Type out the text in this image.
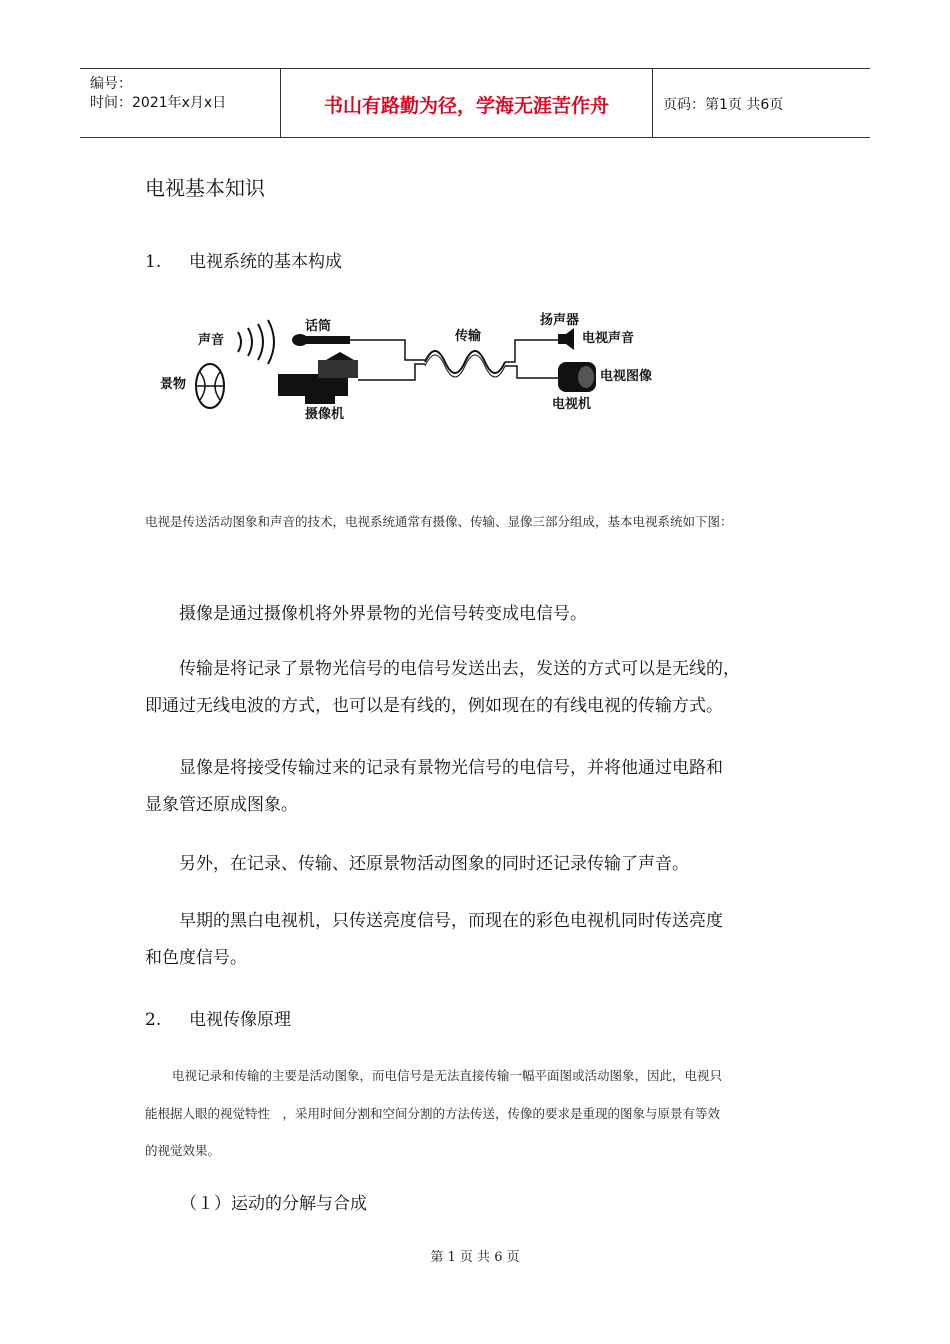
编号：
时间：2021年x月x日	书山有路勤为径，学海无涯苦作舟	页码：第1页 共6页
电视基本知识
1. 电视系统的基本构成
声音
景物
话筒
摄像机
传输
扬声器
电视声音
电视图像
电视机
电视是传送活动图象和声音的技术，电视系统通常有摄像、传输、显像三部分组成，基本电视系统如下图：
摄像是通过摄像机将外界景物的光信号转变成电信号。
传输是将记录了景物光信号的电信号发送出去，发送的方式可以是无线的，
即通过无线电波的方式，也可以是有线的，例如现在的有线电视的传输方式。
显像是将接受传输过来的记录有景物光信号的电信号，并将他通过电路和
显象管还原成图象。
另外，在记录、传输、还原景物活动图象的同时还记录传输了声音。
早期的黑白电视机，只传送亮度信号，而现在的彩色电视机同时传送亮度
和色度信号。
2. 电视传像原理
电视记录和传输的主要是活动图象，而电信号是无法直接传输一幅平面图或活动图象，因此，电视只
能根据人眼的视觉特性　，采用时间分割和空间分割的方法传送，传像的要求是重现的图象与原景有等效
的视觉效果。
（１）运动的分解与合成
第 1 页 共 6 页
